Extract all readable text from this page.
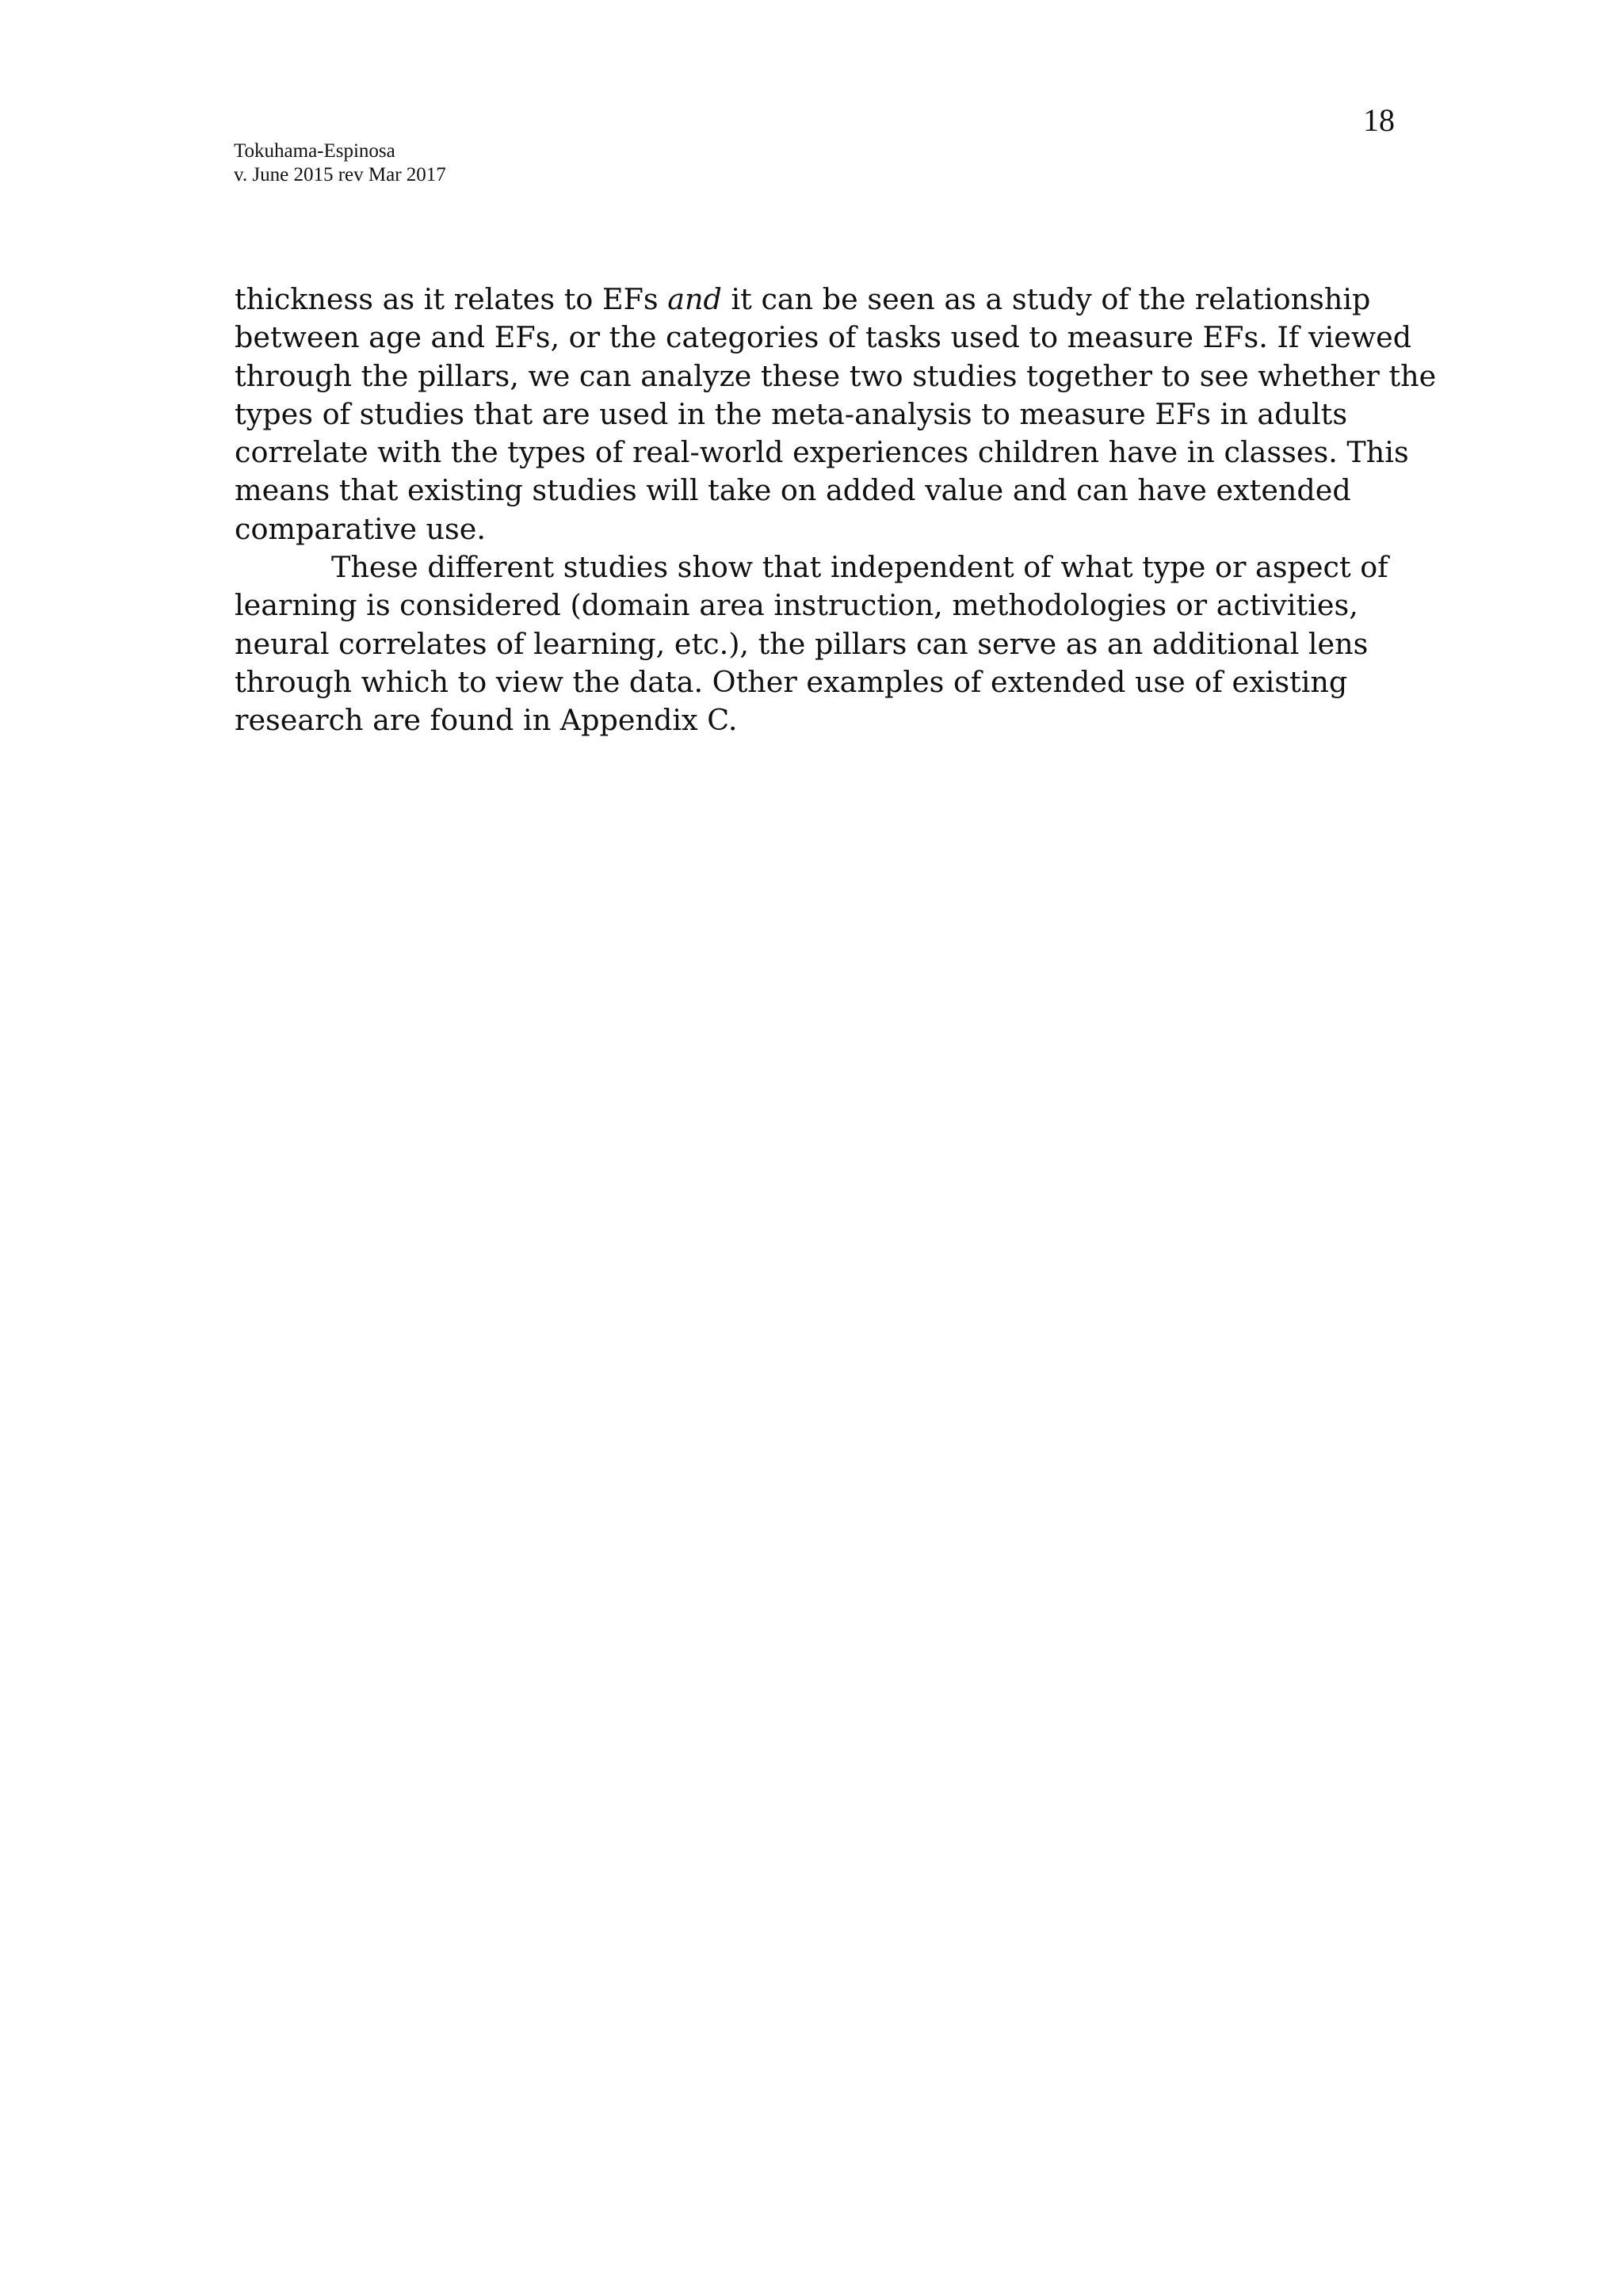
18
Tokuhama-Espinosa
v. June 2015 rev Mar 2017
thickness as it relates to EFs and it can be seen as a study of the relationship
between age and EFs, or the categories of tasks used to measure EFs. If viewed
through the pillars, we can analyze these two studies together to see whether the
types of studies that are used in the meta-analysis to measure EFs in adults
correlate with the types of real-world experiences children have in classes. This
means that existing studies will take on added value and can have extended
comparative use.
These different studies show that independent of what type or aspect of
learning is considered (domain area instruction, methodologies or activities,
neural correlates of learning, etc.), the pillars can serve as an additional lens
through which to view the data. Other examples of extended use of existing
research are found in Appendix C.
